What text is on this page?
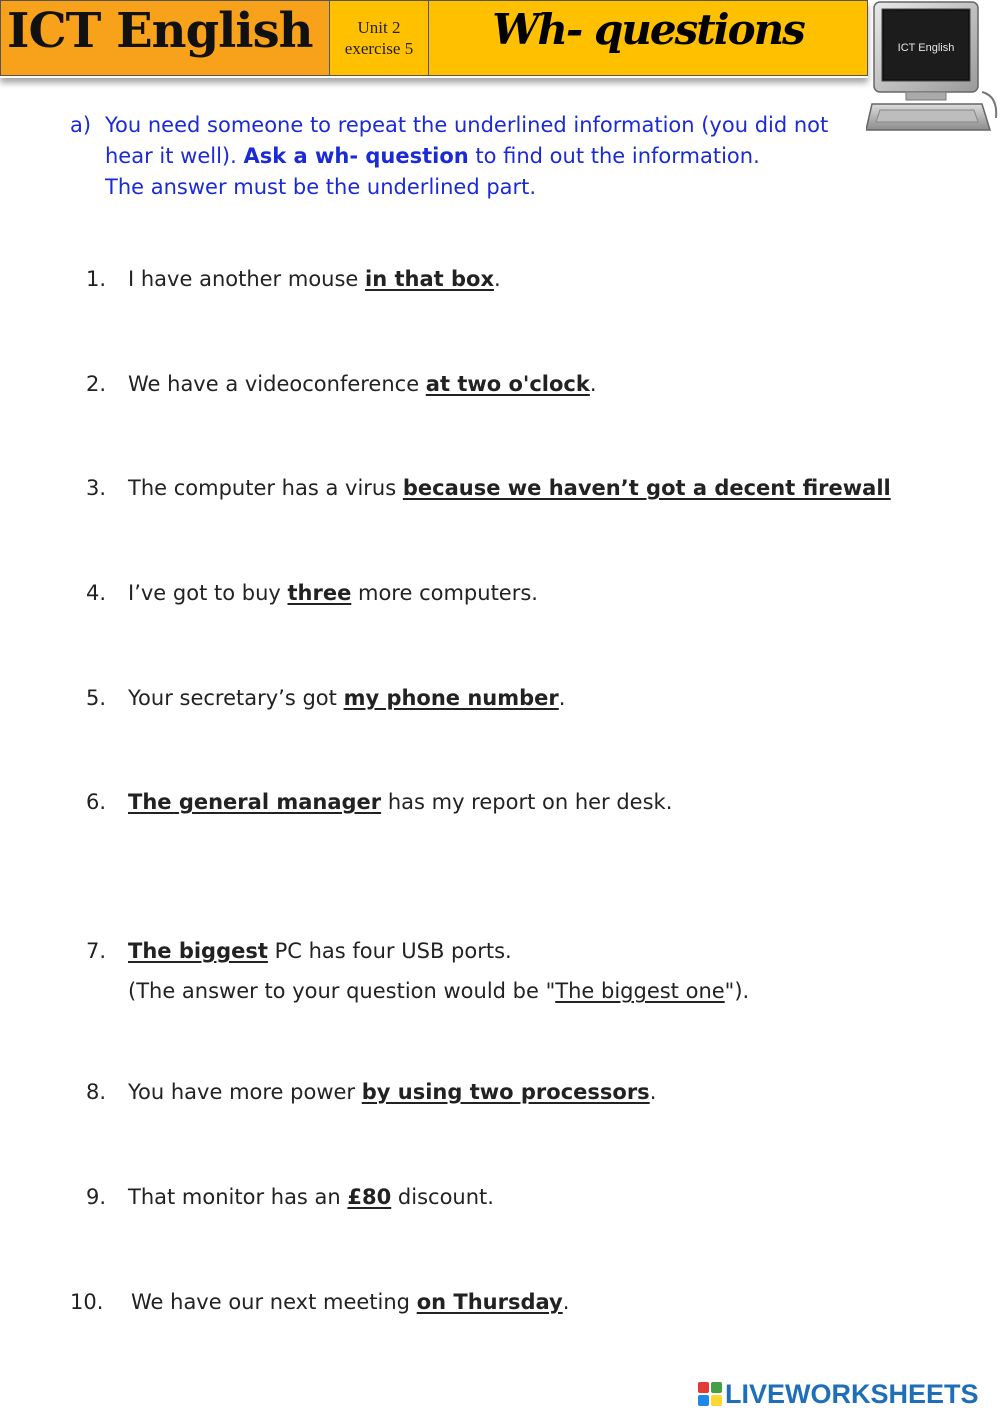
ICT English	Unit 2
exercise 5	Wh- questions	ICT English
a) You need someone to repeat the underlined information (you did not hear it well). Ask a wh- question to find out the information.
The answer must be the underlined part.
1. I have another mouse in that box.
2. We have a videoconference at two o'clock.
3. The computer has a virus because we haven’t got a decent firewall
4. I’ve got to buy three more computers.
5. Your secretary’s got my phone number.
6. The general manager has my report on her desk.
7. The biggest PC has four USB ports.
(The answer to your question would be "The biggest one").
8. You have more power by using two processors.
9. That monitor has an £80 discount.
10. We have our next meeting on Thursday.
LIVEWORKSHEETS
